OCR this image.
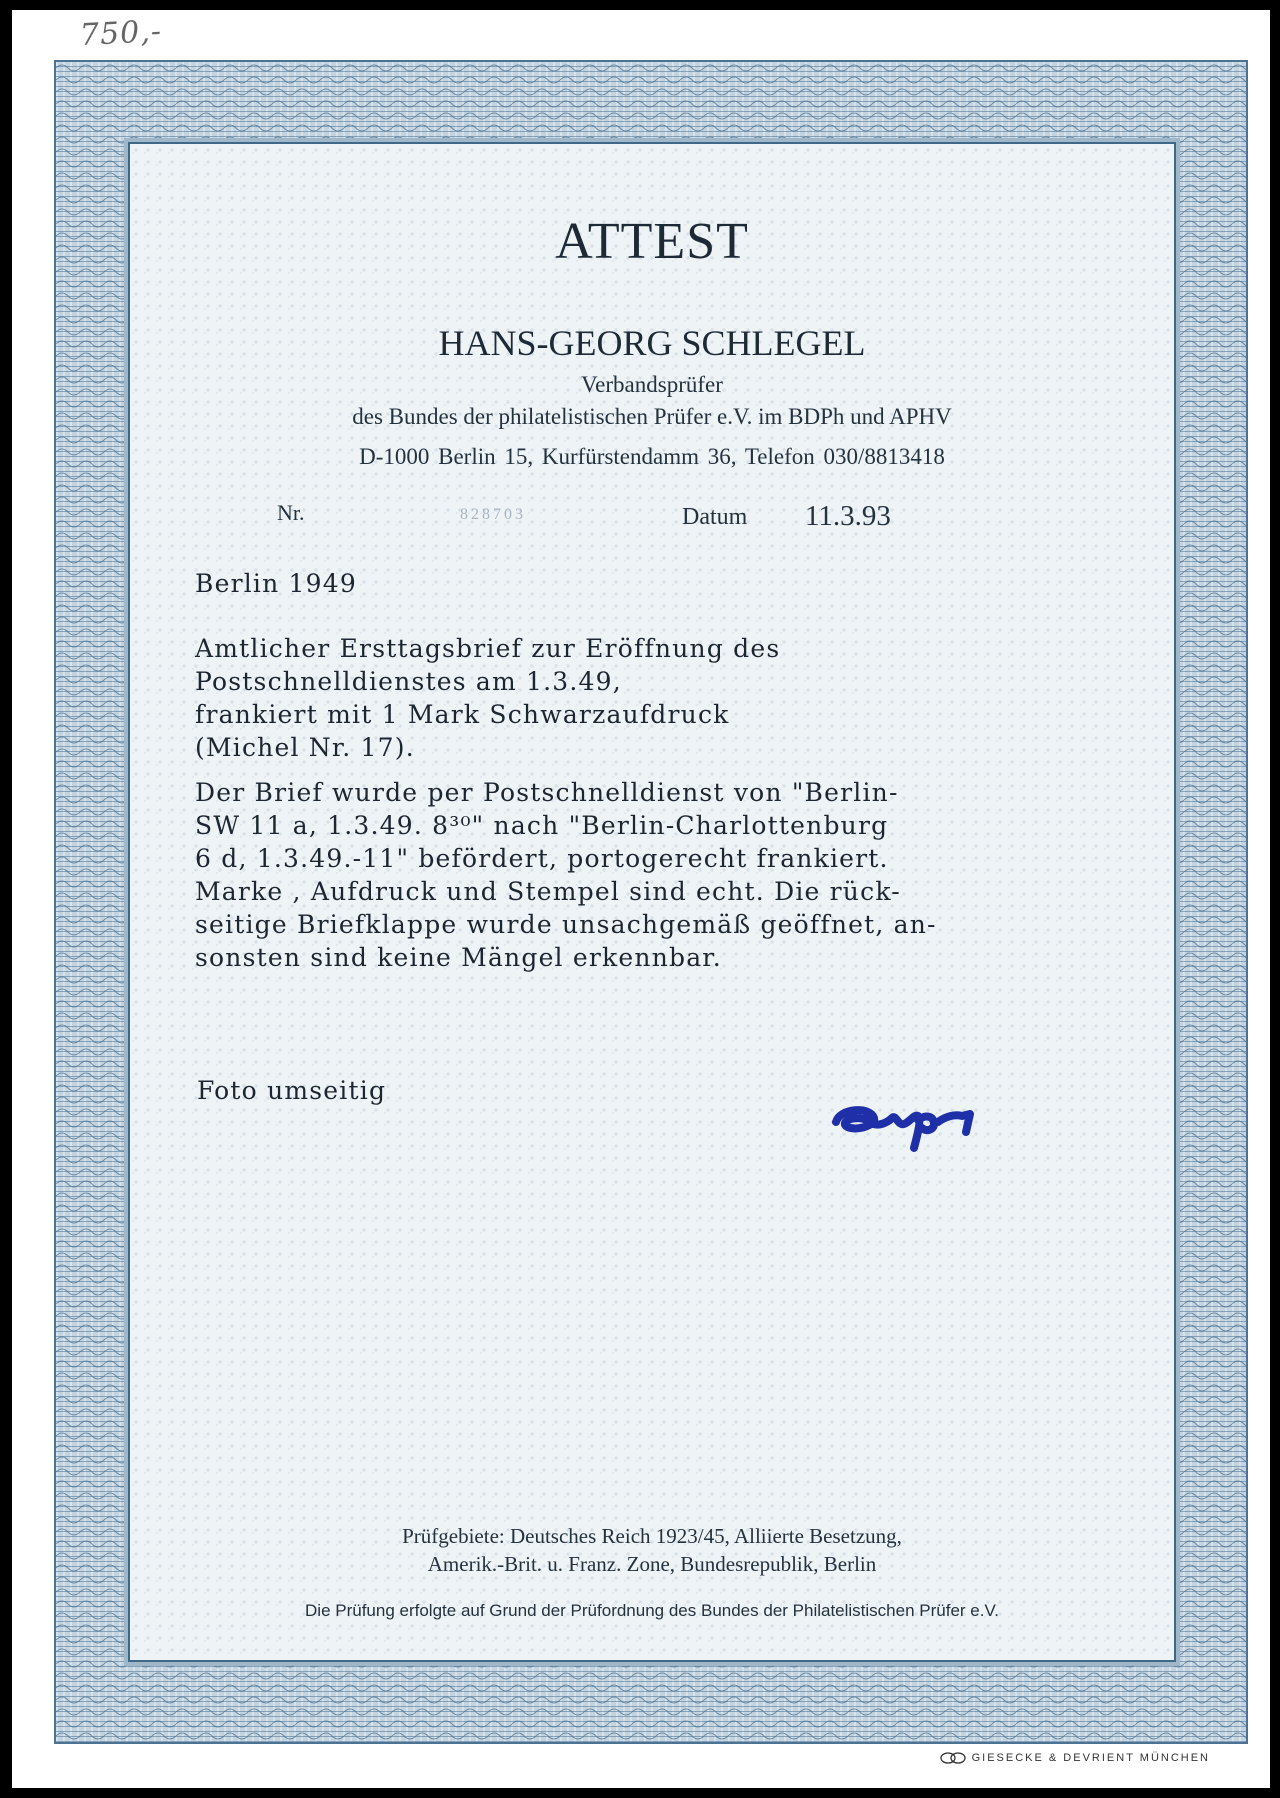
750,-
ATTEST
HANS-GEORG SCHLEGEL
Verbandsprüfer
des Bundes der philatelistischen Prüfer e.V. im BDPh und APHV
D-1000 Berlin 15, Kurfürstendamm 36, Telefon 030/8813418
Nr.	828703	Datum 11.3.93
Berlin 1949
Amtlicher Ersttagsbrief zur Eröffnung des
Postschnelldienstes am 1.3.49,
frankiert mit 1 Mark Schwarzaufdruck
(Michel Nr. 17).
Der Brief wurde per Postschnelldienst von "Berlin-
SW 11 a, 1.3.49. 8³⁰" nach "Berlin-Charlottenburg
6 d, 1.3.49.-11" befördert, portogerecht frankiert.
Marke , Aufdruck und Stempel sind echt. Die rück-
seitige Briefklappe wurde unsachgemäß geöffnet, an-
sonsten sind keine Mängel erkennbar.
Foto umseitig
Prüfgebiete: Deutsches Reich 1923/45, Alliierte Besetzung,
Amerik.-Brit. u. Franz. Zone, Bundesrepublik, Berlin
Die Prüfung erfolgte auf Grund der Prüfordnung des Bundes der Philatelistischen Prüfer e.V.
GIESECKE & DEVRIENT MÜNCHEN
